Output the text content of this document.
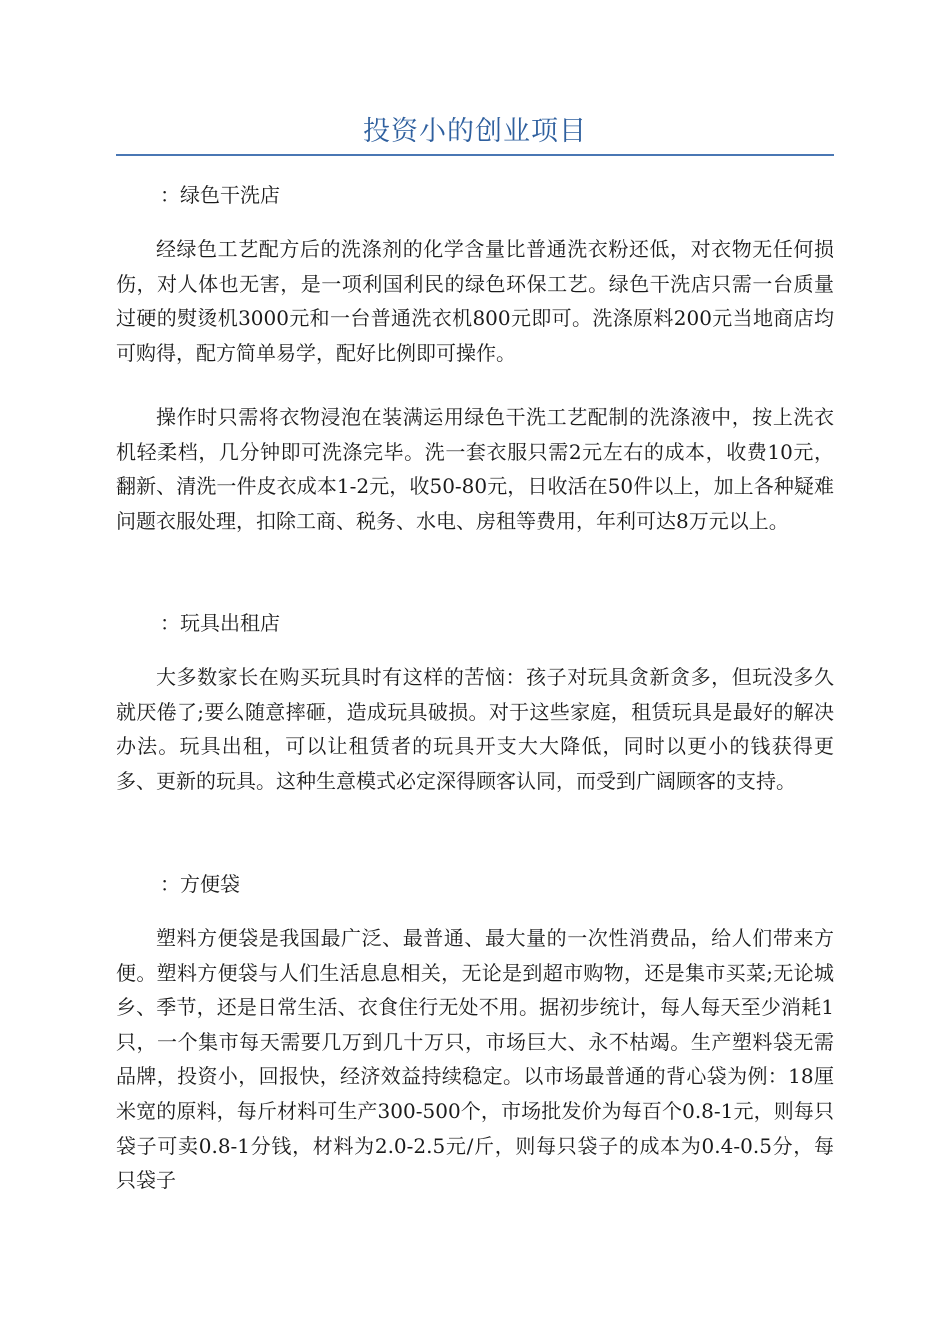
投资小的创业项目
：绿色干洗店
经绿色工艺配方后的洗涤剂的化学含量比普通洗衣粉还低，对衣物无任何损伤，对人体也无害，是一项利国利民的绿色环保工艺。绿色干洗店只需一台质量过硬的熨烫机3000元和一台普通洗衣机800元即可。洗涤原料200元当地商店均可购得，配方简单易学，配好比例即可操作。
操作时只需将衣物浸泡在装满运用绿色干洗工艺配制的洗涤液中，按上洗衣机轻柔档，几分钟即可洗涤完毕。洗一套衣服只需2元左右的成本，收费10元，翻新、清洗一件皮衣成本1-2元，收50-80元，日收活在50件以上，加上各种疑难问题衣服处理，扣除工商、税务、水电、房租等费用，年利可达8万元以上。
：玩具出租店
大多数家长在购买玩具时有这样的苦恼：孩子对玩具贪新贪多，但玩没多久就厌倦了;要么随意摔砸，造成玩具破损。对于这些家庭，租赁玩具是最好的解决办法。玩具出租，可以让租赁者的玩具开支大大降低，同时以更小的钱获得更多、更新的玩具。这种生意模式必定深得顾客认同，而受到广阔顾客的支持。
：方便袋
塑料方便袋是我国最广泛、最普通、最大量的一次性消费品，给人们带来方便。塑料方便袋与人们生活息息相关，无论是到超市购物，还是集市买菜;无论城乡、季节，还是日常生活、衣食住行无处不用。据初步统计，每人每天至少消耗1只，一个集市每天需要几万到几十万只，市场巨大、永不枯竭。生产塑料袋无需品牌，投资小，回报快，经济效益持续稳定。以市场最普通的背心袋为例：18厘米宽的原料，每斤材料可生产300-500个，市场批发价为每百个0.8-1元，则每只袋子可卖0.8-1分钱，材料为2.0-2.5元/斤，则每只袋子的成本为0.4-0.5分，每只袋子
